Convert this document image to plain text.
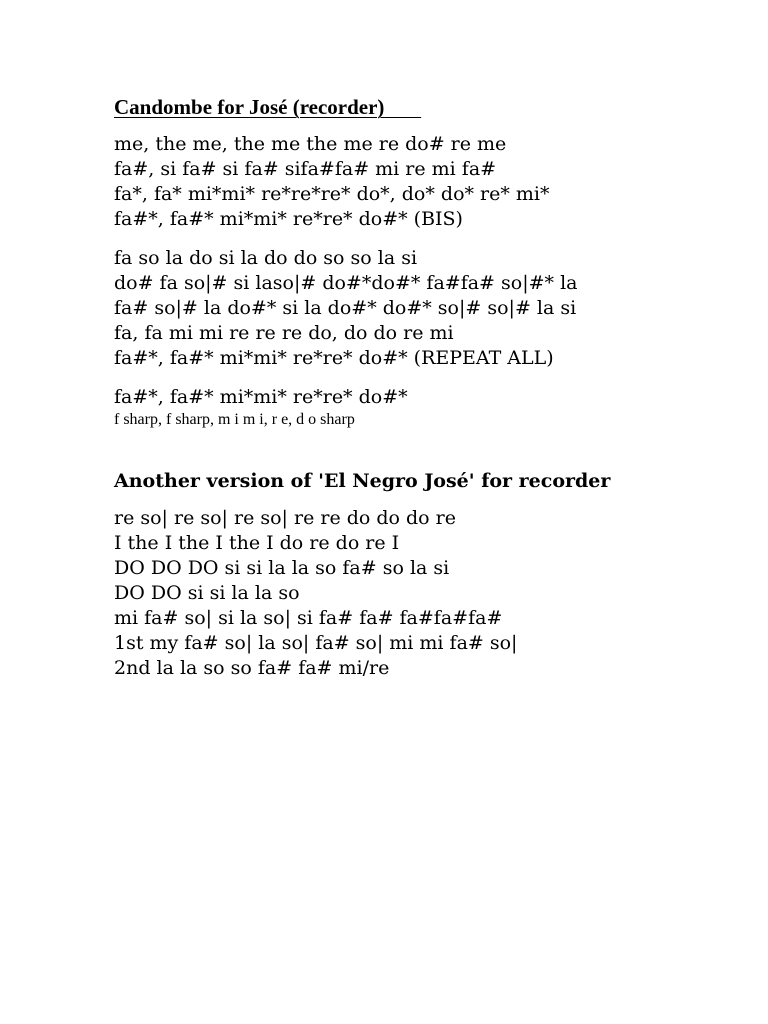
Candombe for José (recorder)
me, the me, the me the me re do# re me
fa#, si fa# si fa# sifa#fa# mi re mi fa#
fa*, fa* mi*mi* re*re*re* do*, do* do* re* mi*
fa#*, fa#* mi*mi* re*re* do#* (BIS)
fa so la do si la do do so so la si
do# fa so|# si laso|# do#*do#* fa#fa# so|#* la
fa# so|# la do#* si la do#* do#* so|# so|# la si
fa, fa mi mi re re re do, do do re mi
fa#*, fa#* mi*mi* re*re* do#* (REPEAT ALL)
fa#*, fa#* mi*mi* re*re* do#*
f sharp, f sharp, m i m i, r e, d o sharp
Another version of 'El Negro José' for recorder
re so| re so| re so| re re do do do re
I the I the I the I do re do re I
DO DO DO si si la la so fa# so la si
DO DO si si la la so
mi fa# so| si la so| si fa# fa# fa#fa#fa#
1st my fa# so| la so| fa# so| mi mi fa# so|
2nd la la so so fa# fa# mi/re
